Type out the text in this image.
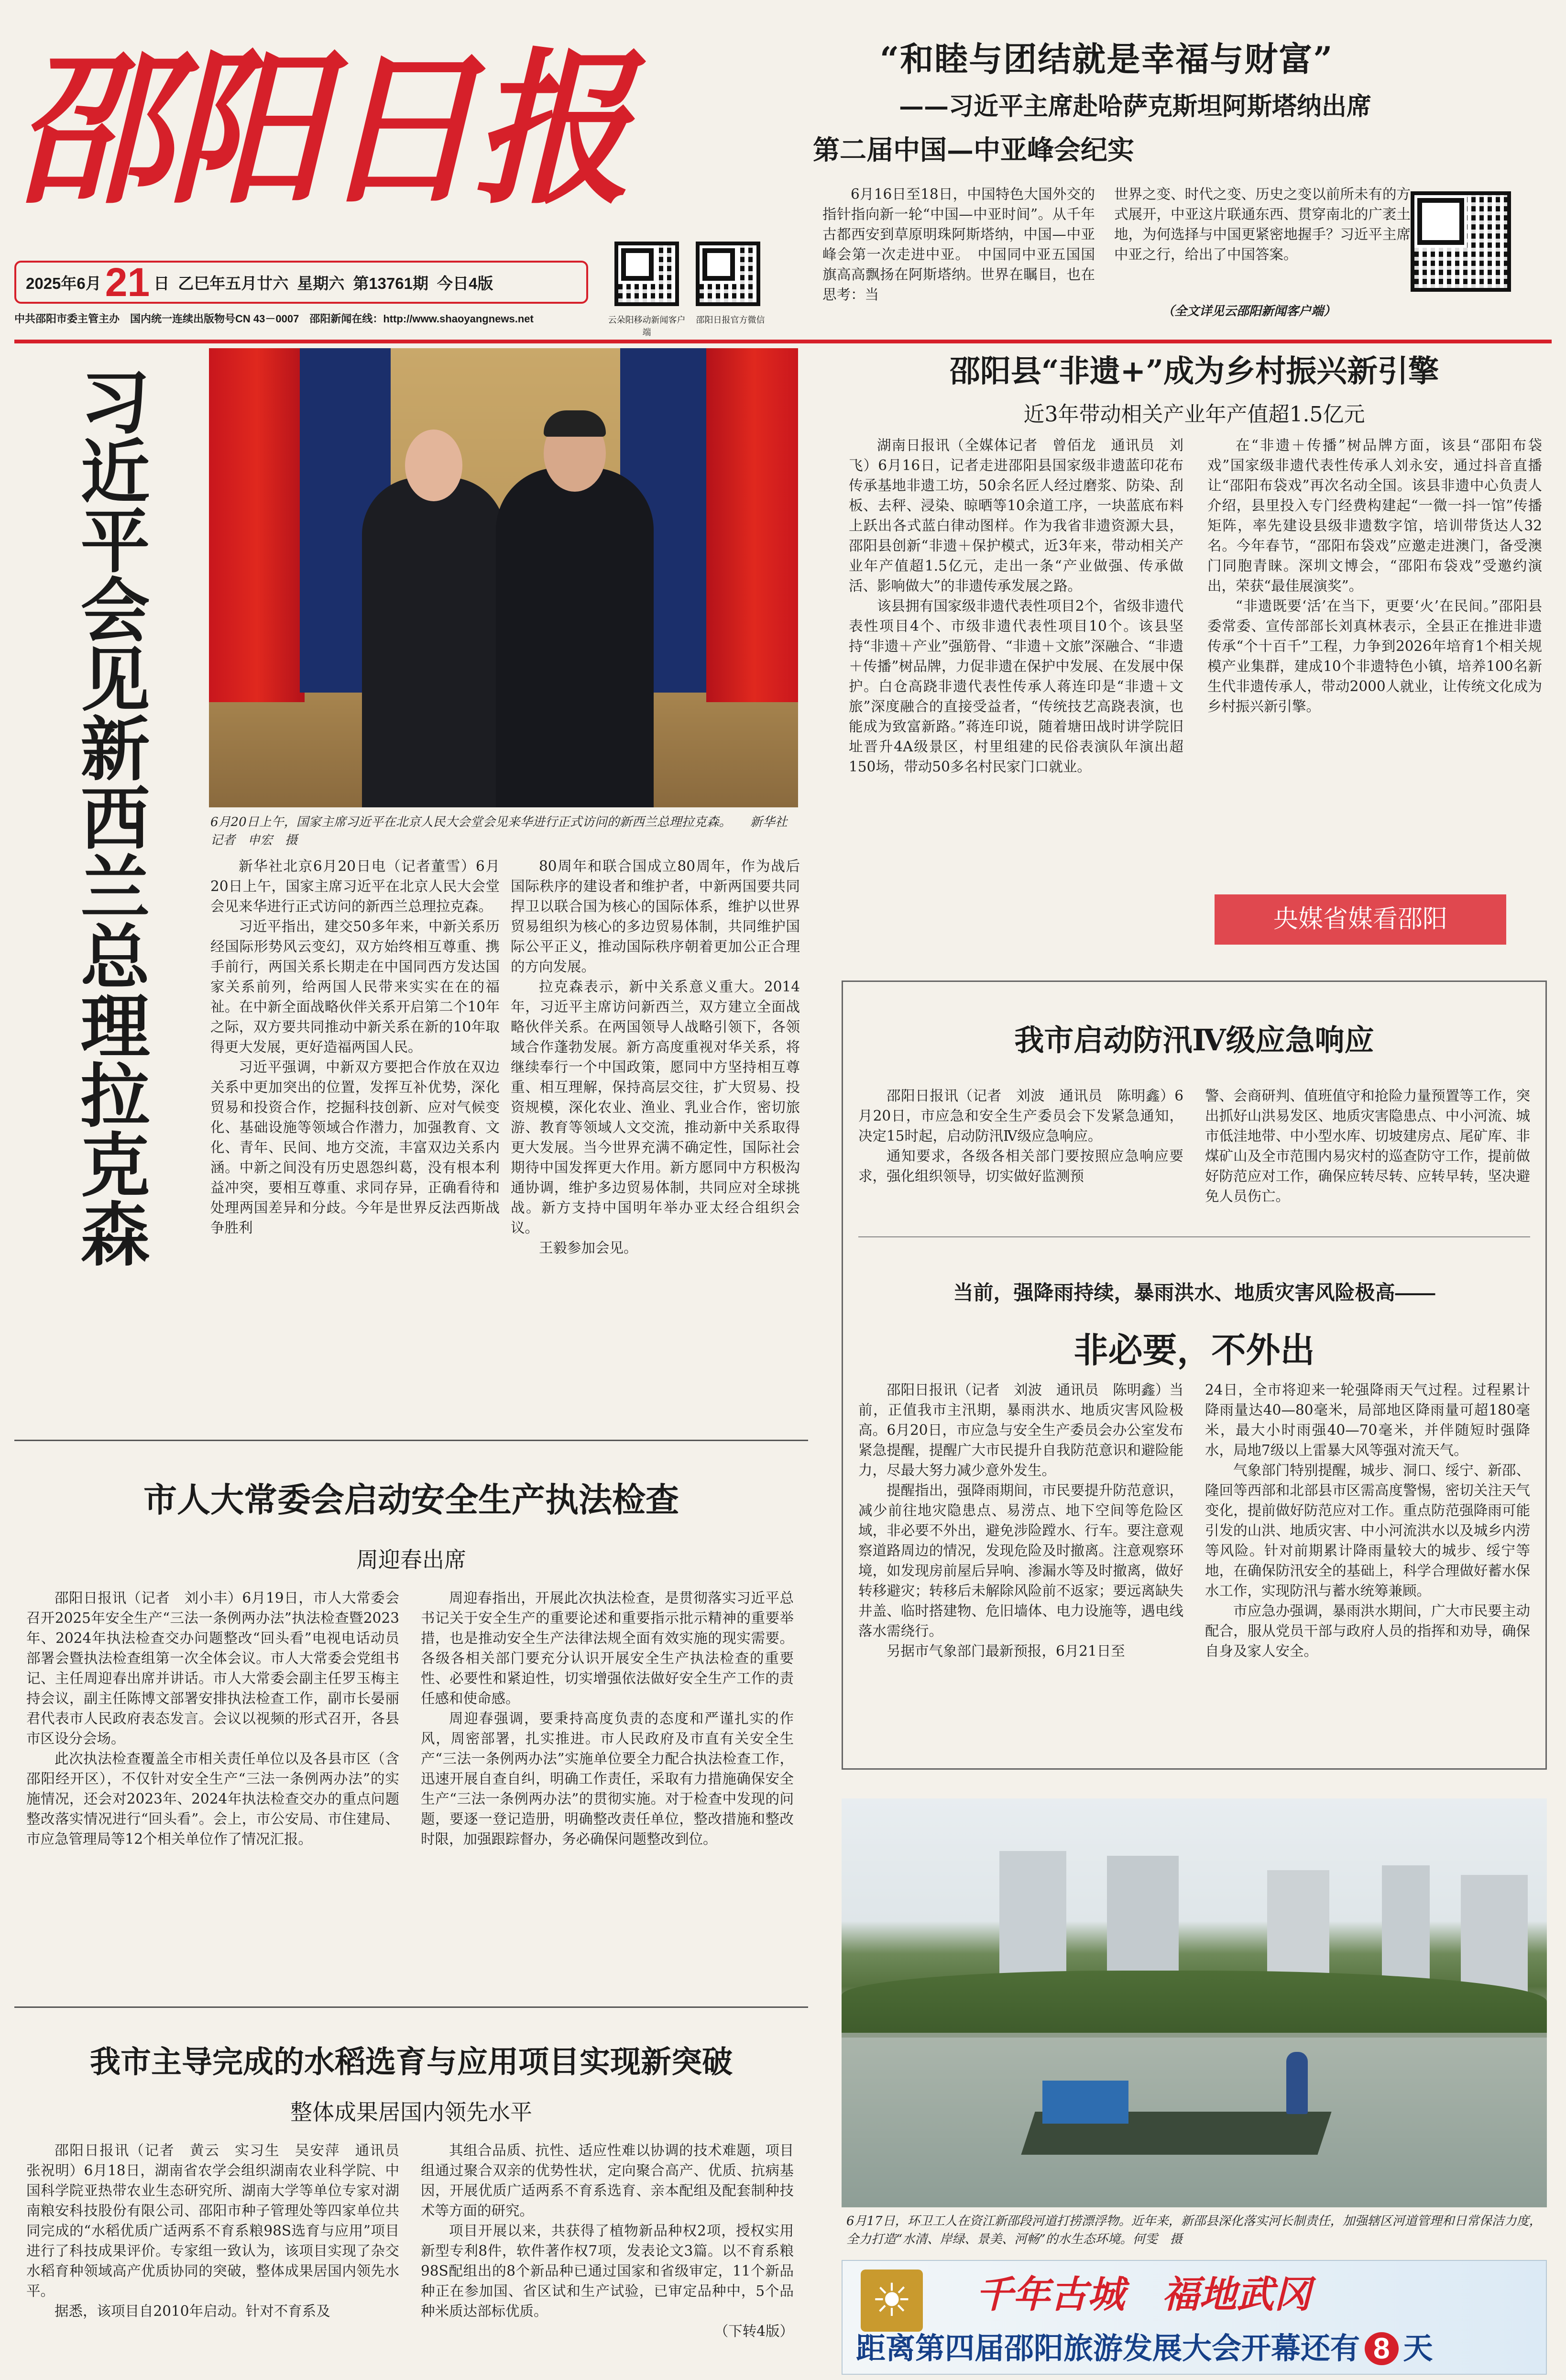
邵阳日报
2025年6月 21 日 乙巳年五月廿六 星期六 第13761期 今日4版
云朵阳移动新闻客户端
邵阳日报官方微信
中共邵阳市委主管主办 国内统一连续出版物号CN 43－0007 邵阳新闻在线：http://www.shaoyangnews.net
“和睦与团结就是幸福与财富”
——习近平主席赴哈萨克斯坦阿斯塔纳出席
第二届中国—中亚峰会纪实
6月16日至18日，中国特色大国外交的指针指向新一轮“中国—中亚时间”。从千年古都西安到草原明珠阿斯塔纳，中国—中亚峰会第一次走进中亚。　中国同中亚五国国旗高高飘扬在阿斯塔纳。世界在瞩目，也在思考：当
世界之变、时代之变、历史之变以前所未有的方式展开，中亚这片联通东西、贯穿南北的广袤土地，为何选择与中国更紧密地握手？习近平主席中亚之行，给出了中国答案。
（全文详见云邵阳新闻客户端）
习近平会见新西兰总理拉克森	6月20日上午，国家主席习近平在北京人民大会堂会见来华进行正式访问的新西兰总理拉克森。　　新华社记者　申宏　摄

新华社北京6月20日电（记者董雪）6月20日上午，国家主席习近平在北京人民大会堂会见来华进行正式访问的新西兰总理拉克森。

习近平指出，建交50多年来，中新关系历经国际形势风云变幻，双方始终相互尊重、携手前行，两国关系长期走在中国同西方发达国家关系前列，给两国人民带来实实在在的福祉。在中新全面战略伙伴关系开启第二个10年之际，双方要共同推动中新关系在新的10年取得更大发展，更好造福两国人民。

习近平强调，中新双方要把合作放在双边关系中更加突出的位置，发挥互补优势，深化贸易和投资合作，挖掘科技创新、应对气候变化、基础设施等领域合作潜力，加强教育、文化、青年、民间、地方交流，丰富双边关系内涵。中新之间没有历史恩怨纠葛，没有根本利益冲突，要相互尊重、求同存异，正确看待和处理两国差异和分歧。今年是世界反法西斯战争胜利

80周年和联合国成立80周年，作为战后国际秩序的建设者和维护者，中新两国要共同捍卫以联合国为核心的国际体系，维护以世界贸易组织为核心的多边贸易体制，共同维护国际公平正义，推动国际秩序朝着更加公正合理的方向发展。

拉克森表示，新中关系意义重大。2014年，习近平主席访问新西兰，双方建立全面战略伙伴关系。在两国领导人战略引领下，各领域合作蓬勃发展。新方高度重视对华关系，将继续奉行一个中国政策，愿同中方坚持相互尊重、相互理解，保持高层交往，扩大贸易、投资规模，深化农业、渔业、乳业合作，密切旅游、教育等领域人文交流，推动新中关系取得更大发展。当今世界充满不确定性，国际社会期待中国发挥更大作用。新方愿同中方积极沟通协调，维护多边贸易体制，共同应对全球挑战。新方支持中国明年举办亚太经合组织会议。

王毅参加会见。

邵阳县“非遗+”成为乡村振兴新引擎
近3年带动相关产业年产值超1.5亿元

湖南日报讯（全媒体记者　曾佰龙　通讯员　刘飞）6月16日，记者走进邵阳县国家级非遗蓝印花布传承基地非遗工坊，50余名匠人经过磨浆、防染、刮板、去秤、浸染、晾晒等10余道工序，一块蓝底布料上跃出各式蓝白律动图样。作为我省非遗资源大县，邵阳县创新“非遗＋保护模式，近3年来，带动相关产业年产值超1.5亿元，走出一条“产业做强、传承做活、影响做大”的非遗传承发展之路。

该县拥有国家级非遗代表性项目2个，省级非遗代表性项目4个、市级非遗代表性项目10个。该县坚持“非遗＋产业”强筋骨、“非遗＋文旅”深融合、“非遗＋传播”树品牌，力促非遗在保护中发展、在发展中保护。白仓高跷非遗代表性传承人蒋连印是“非遗＋文旅”深度融合的直接受益者，“传统技艺高跷表演，也能成为致富新路。”蒋连印说，随着塘田战时讲学院旧址晋升4A级景区，村里组建的民俗表演队年演出超150场，带动50多名村民家门口就业。

在“非遗＋传播”树品牌方面，该县“邵阳布袋戏”国家级非遗代表性传承人刘永安，通过抖音直播让“邵阳布袋戏”再次名动全国。该县非遗中心负责人介绍，县里投入专门经费构建起“一微一抖一馆”传播矩阵，率先建设县级非遗数字馆，培训带货达人32名。今年春节，“邵阳布袋戏”应邀走进澳门，备受澳门同胞青睐。深圳文博会，“邵阳布袋戏”受邀约演出，荣获“最佳展演奖”。

“非遗既要‘活’在当下，更要‘火’在民间。”邵阳县委常委、宣传部部长刘真林表示，全县正在推进非遗传承“个十百千”工程，力争到2026年培育1个相关规模产业集群，建成10个非遗特色小镇，培养100名新生代非遗传承人，带动2000人就业，让传统文化成为乡村振兴新引擎。

央媒省媒看邵阳
我市启动防汛Ⅳ级应急响应

邵阳日报讯（记者　刘波　通讯员　陈明鑫）6月20日，市应急和安全生产委员会下发紧急通知，决定15时起，启动防汛Ⅳ级应急响应。

通知要求，各级各相关部门要按照应急响应要求，强化组织领导，切实做好监测预

警、会商研判、值班值守和抢险力量预置等工作，突出抓好山洪易发区、地质灾害隐患点、中小河流、城市低洼地带、中小型水库、切坡建房点、尾矿库、非煤矿山及全市范围内易灾村的巡查防守工作，提前做好防范应对工作，确保应转尽转、应转早转，坚决避免人员伤亡。

当前，强降雨持续，暴雨洪水、地质灾害风险极高——
非必要，不外出

邵阳日报讯（记者　刘波　通讯员　陈明鑫）当前，正值我市主汛期，暴雨洪水、地质灾害风险极高。6月20日，市应急与安全生产委员会办公室发布紧急提醒，提醒广大市民提升自我防范意识和避险能力，尽最大努力减少意外发生。

提醒指出，强降雨期间，市民要提升防范意识，减少前往地灾隐患点、易涝点、地下空间等危险区域，非必要不外出，避免涉险蹚水、行车。要注意观察道路周边的情况，发现危险及时撤离。注意观察环境，如发现房前屋后异响、渗漏水等及时撤离，做好转移避灾；转移后未解除风险前不返家；要远离缺失井盖、临时搭建物、危旧墙体、电力设施等，遇电线落水需绕行。

另据市气象部门最新预报，6月21日至

24日，全市将迎来一轮强降雨天气过程。过程累计降雨量达40—80毫米，局部地区降雨量可超180毫米，最大小时雨强40—70毫米，并伴随短时强降水，局地7级以上雷暴大风等强对流天气。

气象部门特别提醒，城步、洞口、绥宁、新邵、隆回等西部和北部县市区需高度警惕，密切关注天气变化，提前做好防范应对工作。重点防范强降雨可能引发的山洪、地质灾害、中小河流洪水以及城乡内涝等风险。针对前期累计降雨量较大的城步、绥宁等地，在确保防汛安全的基础上，科学合理做好蓄水保水工作，实现防汛与蓄水统筹兼顾。

市应急办强调，暴雨洪水期间，广大市民要主动配合，服从党员干部与政府人员的指挥和劝导，确保自身及家人安全。

市人大常委会启动安全生产执法检查
周迎春出席

邵阳日报讯（记者　刘小丰）6月19日，市人大常委会召开2025年安全生产“三法一条例两办法”执法检查暨2023年、2024年执法检查交办问题整改“回头看”电视电话动员部署会暨执法检查组第一次全体会议。市人大常委会党组书记、主任周迎春出席并讲话。市人大常委会副主任罗玉梅主持会议，副主任陈博文部署安排执法检查工作，副市长晏丽君代表市人民政府表态发言。会议以视频的形式召开，各县市区设分会场。

此次执法检查覆盖全市相关责任单位以及各县市区（含邵阳经开区），不仅针对安全生产“三法一条例两办法”的实施情况，还会对2023年、2024年执法检查交办的重点问题整改落实情况进行“回头看”。会上，市公安局、市住建局、市应急管理局等12个相关单位作了情况汇报。

周迎春指出，开展此次执法检查，是贯彻落实习近平总书记关于安全生产的重要论述和重要指示批示精神的重要举措，也是推动安全生产法律法规全面有效实施的现实需要。各级各相关部门要充分认识开展安全生产执法检查的重要性、必要性和紧迫性，切实增强依法做好安全生产工作的责任感和使命感。

周迎春强调，要秉持高度负责的态度和严谨扎实的作风，周密部署，扎实推进。市人民政府及市直有关安全生产“三法一条例两办法”实施单位要全力配合执法检查工作，迅速开展自查自纠，明确工作责任，采取有力措施确保安全生产“三法一条例两办法”的贯彻实施。对于检查中发现的问题，要逐一登记造册，明确整改责任单位，整改措施和整改时限，加强跟踪督办，务必确保问题整改到位。

我市主导完成的水稻选育与应用项目实现新突破
整体成果居国内领先水平

邵阳日报讯（记者　黄云　实习生　吴安萍　通讯员　张祝明）6月18日，湖南省农学会组织湖南农业科学院、中国科学院亚热带农业生态研究所、湖南大学等单位专家对湖南粮安科技股份有限公司、邵阳市种子管理处等四家单位共同完成的“水稻优质广适两系不育系粮98S选育与应用”项目进行了科技成果评价。专家组一致认为，该项目实现了杂交水稻育种领域高产优质协同的突破，整体成果居国内领先水平。

据悉，该项目自2010年启动。针对不育系及

其组合品质、抗性、适应性难以协调的技术难题，项目组通过聚合双亲的优势性状，定向聚合高产、优质、抗病基因，开展优质广适两系不育系选育、亲本配组及配套制种技术等方面的研究。

项目开展以来，共获得了植物新品种权2项，授权实用新型专利8件，软件著作权7项，发表论文3篇。以不育系粮98S配组出的8个新品种已通过国家和省级审定，11个新品种正在参加国、省区试和生产试验，已审定品种中，5个品种米质达部标优质。

（下转4版）

6月17日，环卫工人在资江新邵段河道打捞漂浮物。近年来，新邵县深化落实河长制责任，加强辖区河道管理和日常保洁力度，全力打造“水清、岸绿、景美、河畅”的水生态环境。何雯　摄
☀ 千年古城　福地武冈
距离第四届邵阳旅游发展大会开幕还有 8 天
